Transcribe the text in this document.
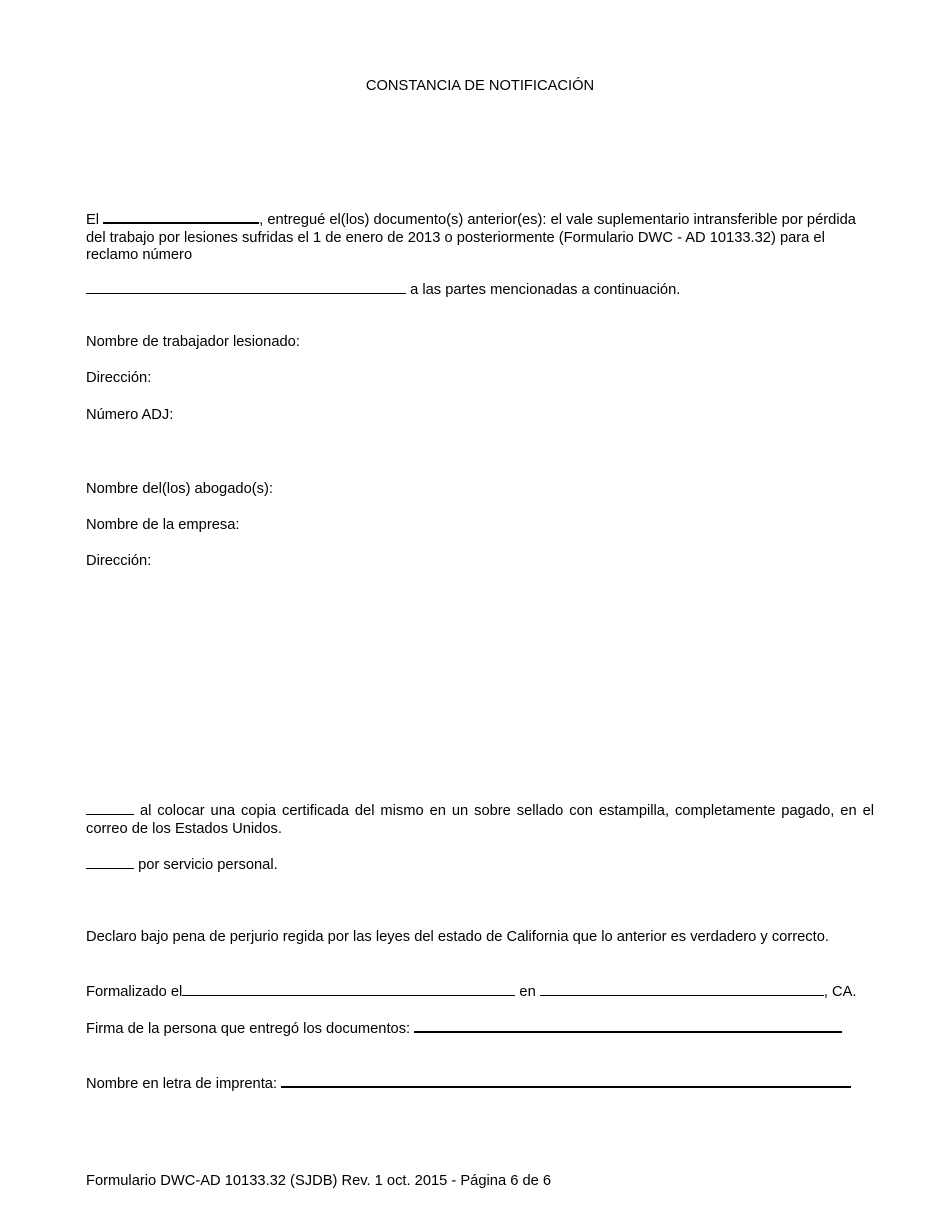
CONSTANCIA DE NOTIFICACIÓN
El	, entregué el(los) documento(s) anterior(es): el vale suplementario intransferible por pérdida del trabajo por lesiones sufridas el 1 de enero de 2013 o posteriormente (Formulario DWC - AD 10133.32) para el reclamo número
a las partes mencionadas a continuación.
Nombre de trabajador lesionado:
Dirección:
Número ADJ:
Nombre del(los) abogado(s):
Nombre de la empresa:
Dirección:
al colocar una copia certificada del mismo en un sobre sellado con estampilla, completamente pagado, en el correo de los Estados Unidos.
por servicio personal.
Declaro bajo pena de perjurio regida por las leyes del estado de California que lo anterior es verdadero y correcto.
Formalizado el	en	, CA.
Firma de la persona que entregó los documentos:
Nombre en letra de imprenta:
Formulario DWC-AD 10133.32 (SJDB) Rev. 1 oct. 2015 - Página 6 de 6
